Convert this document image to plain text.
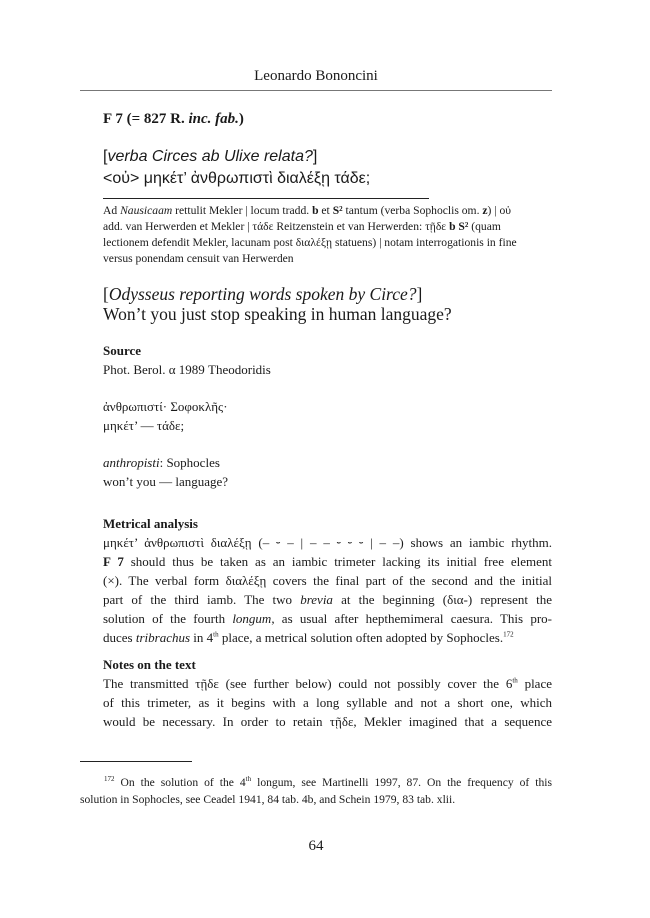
Leonardo Bononcini
F 7 (= 827 R. inc. fab.)
[verba Circes ab Ulixe relata?]
<οὐ> μηκέτ’ ἀνθρωπιστὶ διαλέξῃ τάδε;
Ad Nausicaam rettulit Mekler | locum tradd. b et S² tantum (verba Sophoclis om. z) | οὐ
add. van Herwerden et Mekler | τάδε Reitzenstein et van Herwerden: τῇδε b S² (quam
lectionem defendit Mekler, lacunam post διαλέξῃ statuens) | notam interrogationis in fine
versus ponendam censuit van Herwerden
[Odysseus reporting words spoken by Circe?]
Won’t you just stop speaking in human language?
Source

Phot. Berol. α 1989 Theodoridis

ἀνθρωπιστί· Σοφοκλῆς·

μηκέτ’ — τάδε;

anthropisti: Sophocles

won’t you — language?

Metrical analysis
μηκέτ’ ἀνθρωπιστὶ διαλέξῃ (– ⏑ – | – – ⏑ ⏑ ⏑ | – –) shows an iambic rhythm.
F 7 should thus be taken as an iambic trimeter lacking its initial free element
(×). The verbal form διαλέξῃ covers the final part of the second and the initial
part of the third iamb. The two brevia at the beginning (δια-) represent the
solution of the fourth longum, as usual after hepthemimeral caesura. This pro-
duces tribrachus in 4th place, a metrical solution often adopted by Sophocles.$^{172}$
Notes on the text
The transmitted τῇδε (see further below) could not possibly cover the 6th place
of this trimeter, as it begins with a long syllable and not a short one, which
would be necessary. In order to retain τῇδε, Mekler imagined that a sequence
$^{172}$ On the solution of the 4th longum, see Martinelli 1997, 87. On the frequency of this
solution in Sophocles, see Ceadel 1941, 84 tab. 4b, and Schein 1979, 83 tab. xlii.
64
